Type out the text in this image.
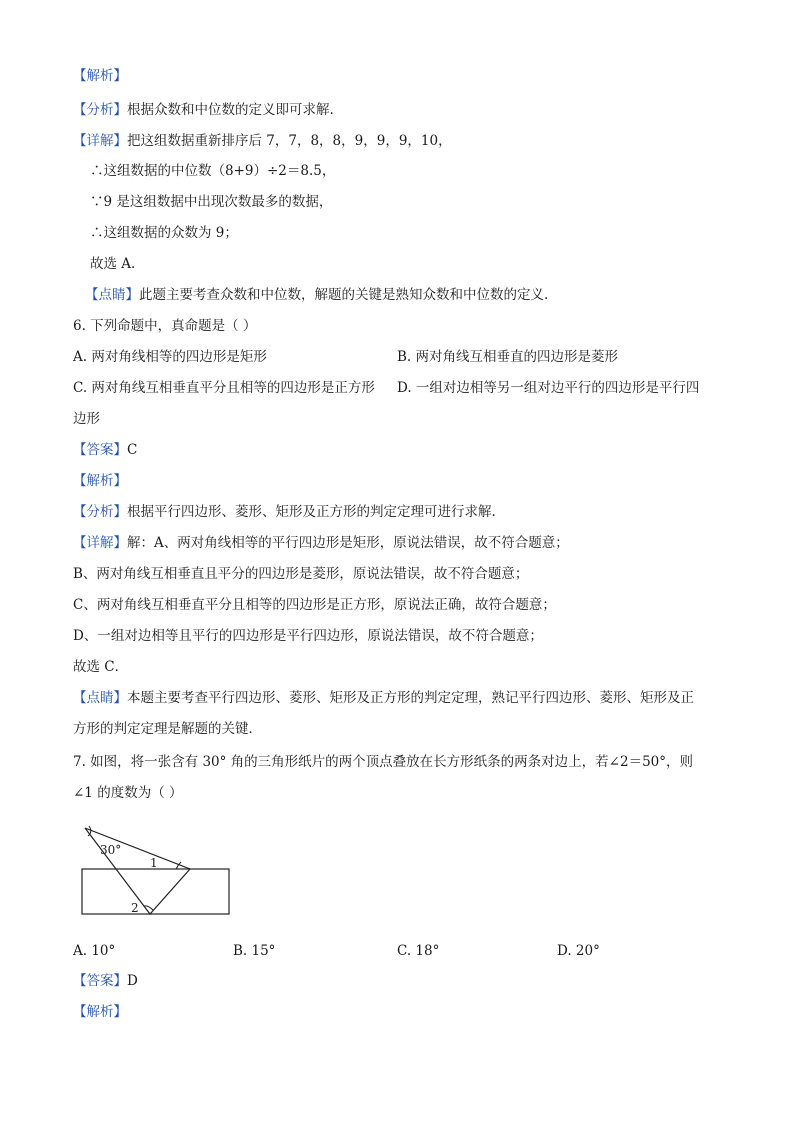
【解析】
【分析】根据众数和中位数的定义即可求解.
【详解】把这组数据重新排序后 7，7，8，8，9，9，9，10，
∴这组数据的中位数（8+9）÷2＝8.5，
∵9 是这组数据中出现次数最多的数据，
∴这组数据的众数为 9；
故选 A．
【点睛】此题主要考查众数和中位数，解题的关键是熟知众数和中位数的定义.
6. 下列命题中，真命题是（ ）
A. 两对角线相等的四边形是矩形	B. 两对角线互相垂直的四边形是菱形
C. 两对角线互相垂直平分且相等的四边形是正方形 D. 一组对边相等另一组对边平行的四边形是平行四
边形
【答案】C
【解析】
【分析】根据平行四边形、菱形、矩形及正方形的判定定理可进行求解.
【详解】解：A、两对角线相等的平行四边形是矩形，原说法错误，故不符合题意；
B、两对角线互相垂直且平分的四边形是菱形，原说法错误，故不符合题意；
C、两对角线互相垂直平分且相等的四边形是正方形，原说法正确，故符合题意；
D、一组对边相等且平行的四边形是平行四边形，原说法错误，故不符合题意；
故选 C．
【点睛】本题主要考查平行四边形、菱形、矩形及正方形的判定定理，熟记平行四边形、菱形、矩形及正
方形的判定定理是解题的关键．
7. 如图，将一张含有 30° 角的三角形纸片的两个顶点叠放在长方形纸条的两条对边上，若∠2＝50°，则
∠1 的度数为（ ）
30°
1
2
A. 10°	B. 15°	C. 18°	D. 20°
【答案】D
【解析】
